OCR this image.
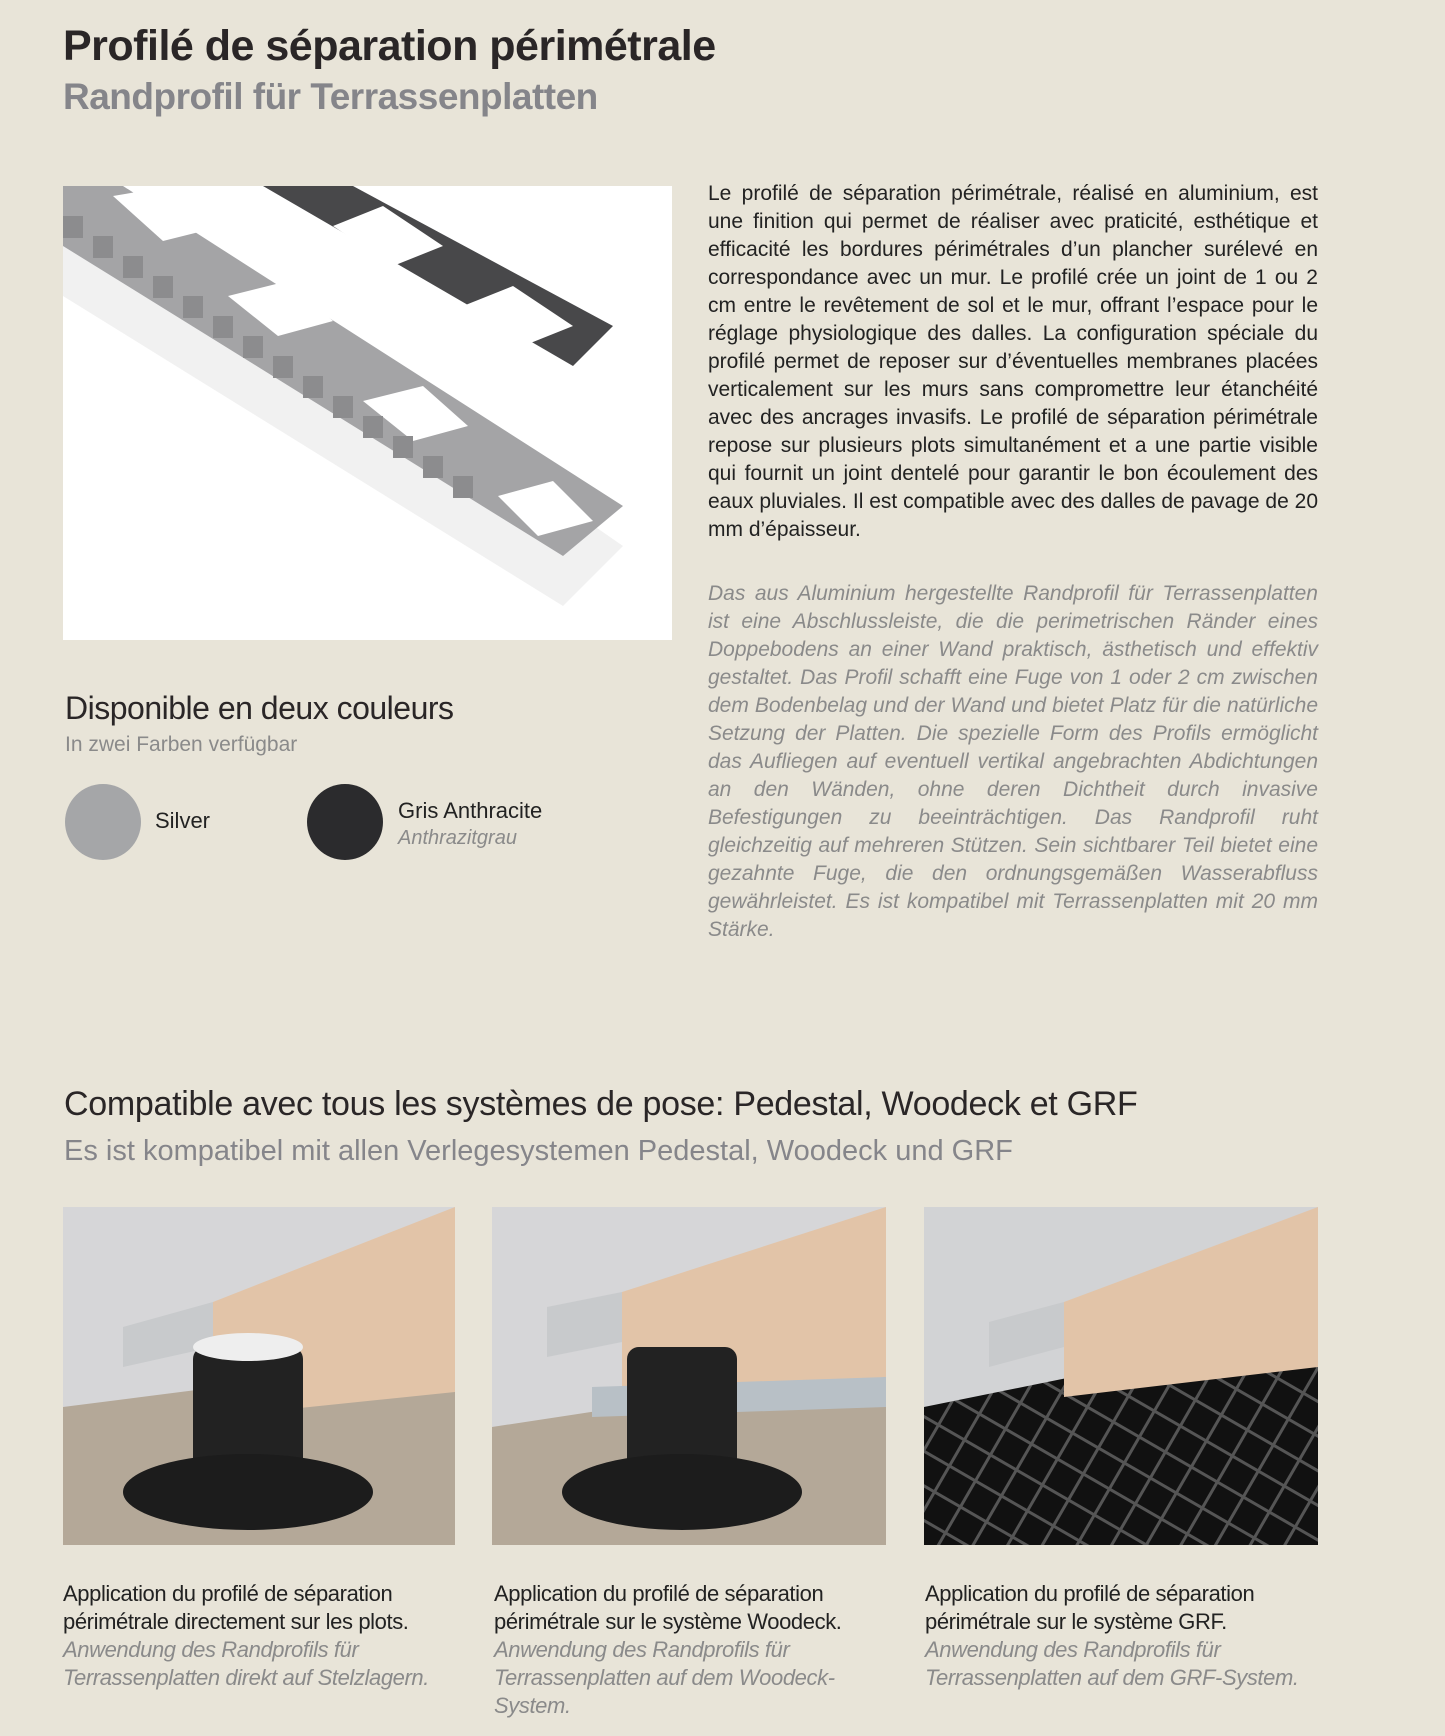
Profilé de séparation périmétrale
Randprofil für Terrassenplatten

Le profilé de séparation périmétrale, réalisé en aluminium, est une finition qui permet de réaliser avec praticité, esthétique et efficacité les bordures périmétrales d’un plancher surélevé en correspondance avec un mur. Le profilé crée un joint de 1 ou 2 cm entre le revêtement de sol et le mur, offrant l’espace pour le réglage physiologique des dalles. La configuration spéciale du profilé permet de reposer sur d’éventuelles membranes placées verticalement sur les murs sans compromettre leur étanchéité avec des ancrages invasifs. Le profilé de séparation périmétrale repose sur plusieurs plots simultanément et a une partie visible qui fournit un joint dentelé pour garantir le bon écoulement des eaux pluviales. Il est compatible avec des dalles de pavage de 20 mm d’épaisseur.

Das aus Aluminium hergestellte Randprofil für Terrassenplatten ist eine Abschlussleiste, die die perimetrischen Ränder eines Doppebodens an einer Wand praktisch, ästhetisch und effektiv gestaltet. Das Profil schafft eine Fuge von 1 oder 2 cm zwischen dem Bodenbelag und der Wand und bietet Platz für die natürliche Setzung der Platten. Die spezielle Form des Profils ermöglicht das Aufliegen auf eventuell vertikal angebrachten Abdichtungen an den Wänden, ohne deren Dichtheit durch invasive Befestigungen zu beeinträchtigen. Das Randprofil ruht gleichzeitig auf mehreren Stützen. Sein sichtbarer Teil bietet eine gezahnte Fuge, die den ordnungsgemäßen Wasserabfluss gewährleistet. Es ist kompatibel mit Terrassenplatten mit 20 mm Stärke.

Disponible en deux couleurs
In zwei Farben verfügbar
Silver	Gris Anthracite
Anthrazitgrau
Compatible avec tous les systèmes de pose: Pedestal, Woodeck et GRF
Es ist kompatibel mit allen Verlegesystemen Pedestal, Woodeck und GRF
Application du profilé de séparation périmétrale directement sur les plots.
Anwendung des Randprofils für Terrassenplatten direkt auf Stelzlagern.
Application du profilé de séparation périmétrale sur le système Woodeck.
Anwendung des Randprofils für Terrassenplatten auf dem Woodeck-System.
Application du profilé de séparation périmétrale sur le système GRF.
Anwendung des Randprofils für Terrassenplatten auf dem GRF-System.
